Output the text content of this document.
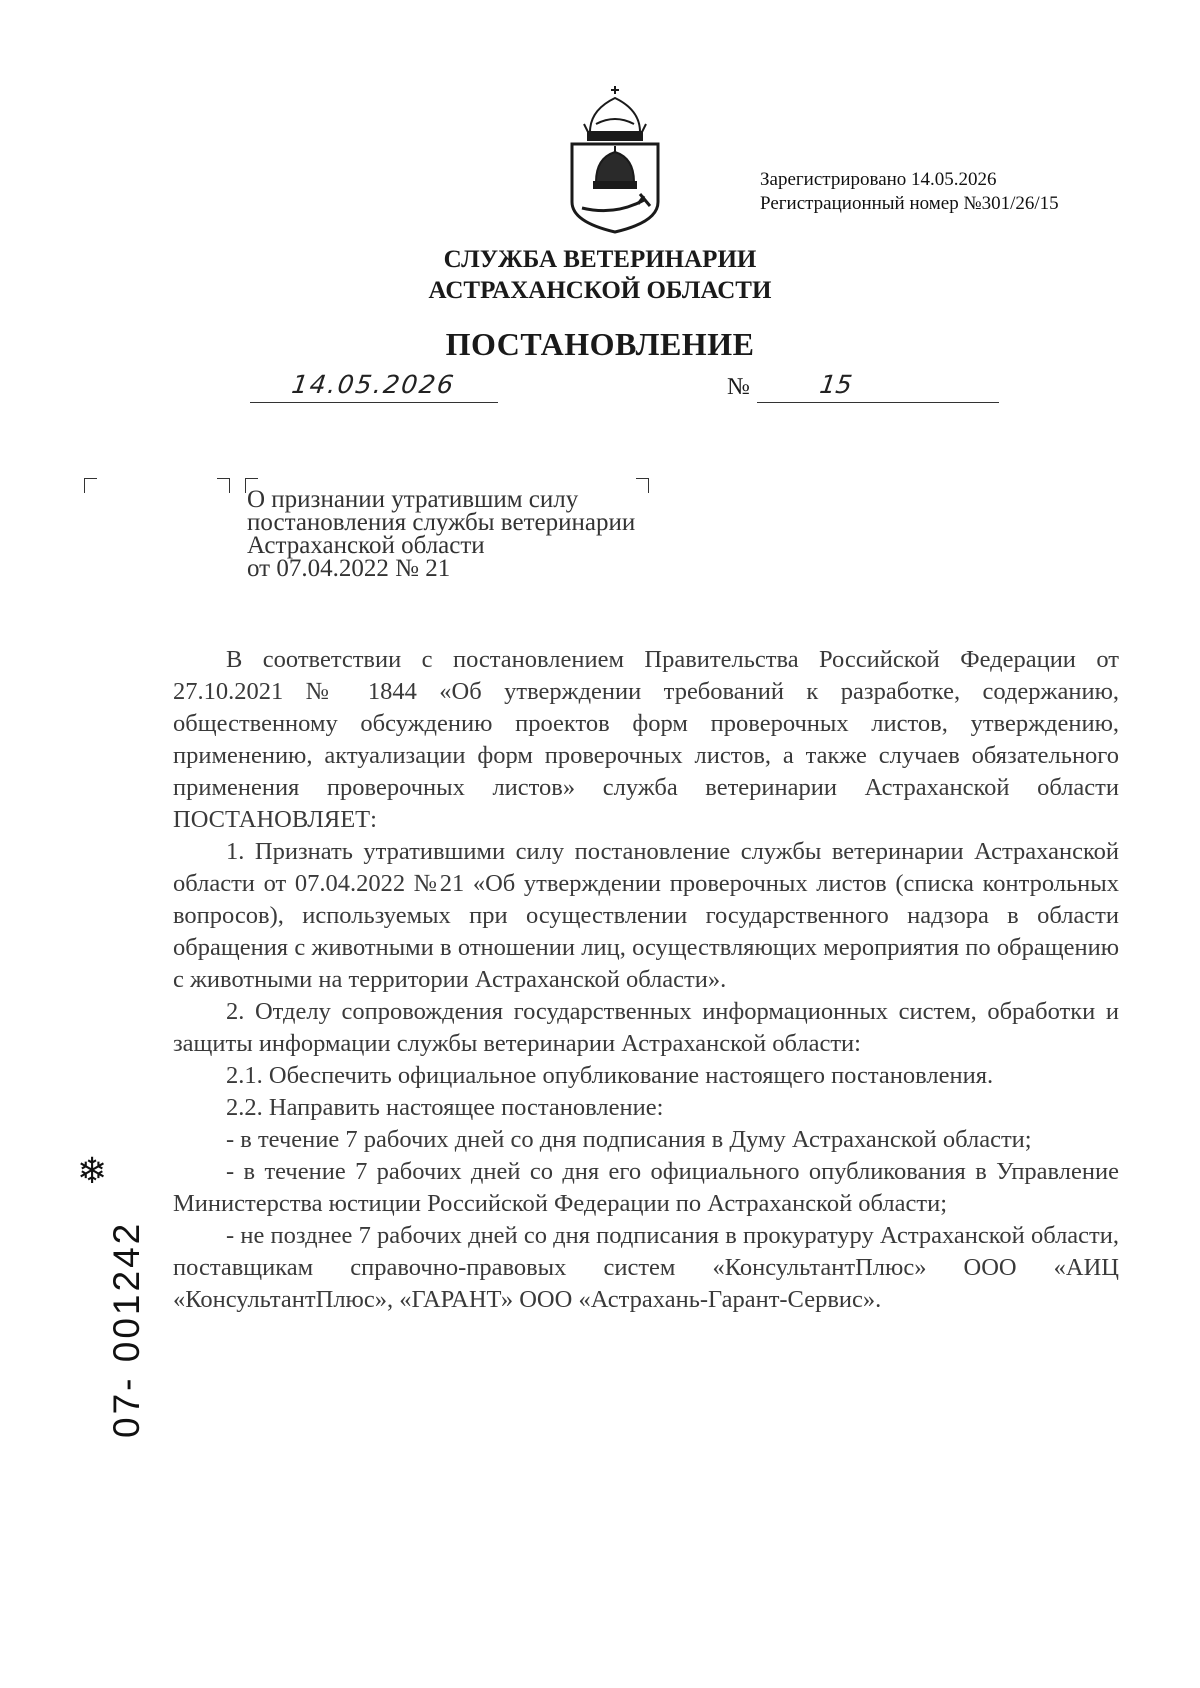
Зарегистрировано 14.05.2026
Регистрационный номер №301/26/15
СЛУЖБА ВЕТЕРИНАРИИ
АСТРАХАНСКОЙ ОБЛАСТИ
ПОСТАНОВЛЕНИЕ
14.05.2026	№	15
О признании утратившим силу
постановления службы ветеринарии
Астраханской области
от 07.04.2022 № 21

В соответствии с постановлением Правительства Российской Федерации от 27.10.2021 № 1844 «Об утверждении требований к разработке, содержанию, общественному обсуждению проектов форм проверочных листов, утверждению, применению, актуализации форм проверочных листов, а также случаев обязательного применения проверочных листов» служба ветеринарии Астраханской области ПОСТАНОВЛЯЕТ:

1. Признать утратившими силу постановление службы ветеринарии Астраханской области от 07.04.2022 №21 «Об утверждении проверочных листов (списка контрольных вопросов), используемых при осуществлении государственного надзора в области обращения с животными в отношении лиц, осуществляющих мероприятия по обращению с животными на территории Астраханской области».

2. Отделу сопровождения государственных информационных систем, обработки и защиты информации службы ветеринарии Астраханской области:

2.1. Обеспечить официальное опубликование настоящего постановления.

2.2. Направить настоящее постановление:

- в течение 7 рабочих дней со дня подписания в Думу Астраханской области;

- в течение 7 рабочих дней со дня его официального опубликования в Управление Министерства юстиции Российской Федерации по Астраханской области;

- не позднее 7 рабочих дней со дня подписания в прокуратуру Астраханской области, поставщикам справочно-правовых систем «КонсультантПлюс» ООО «АИЦ «КонсультантПлюс», «ГАРАНТ» ООО «Астрахань-Гарант-Сервис».

❄
07- 001242
